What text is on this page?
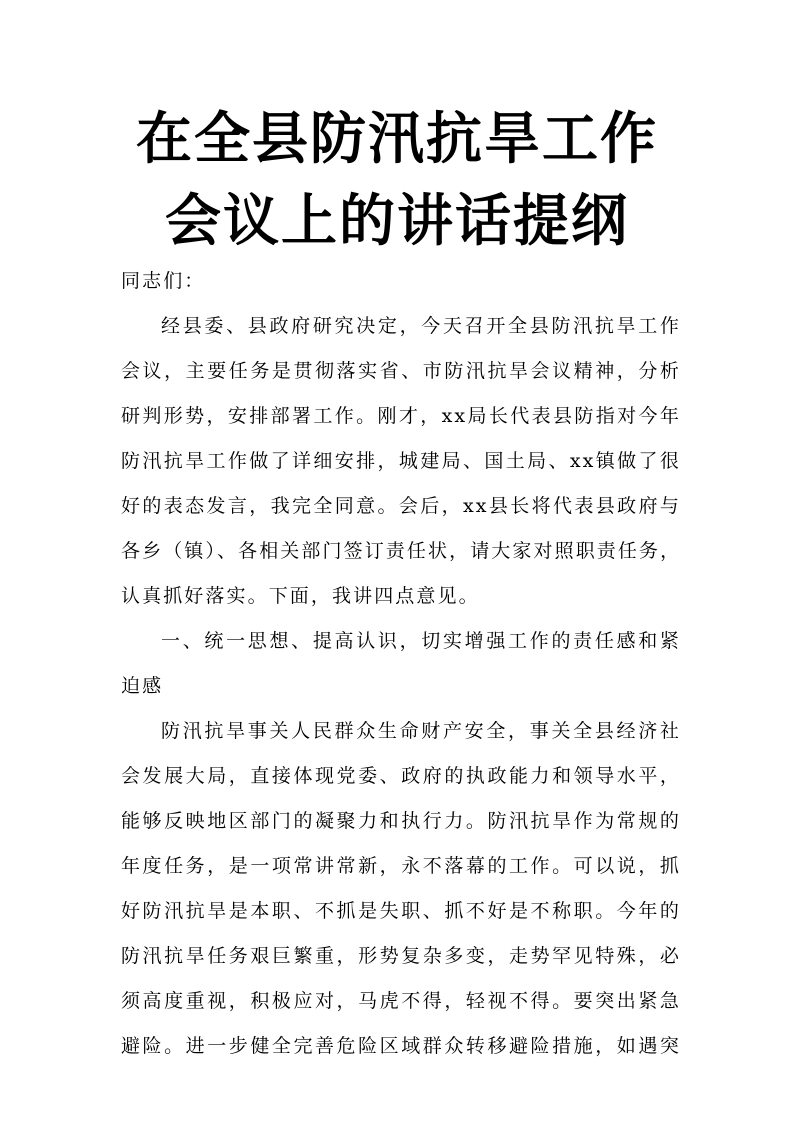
在全县防汛抗旱工作
会议上的讲话提纲
同志们：
经县委、县政府研究决定，今天召开全县防汛抗旱工作
会议，主要任务是贯彻落实省、市防汛抗旱会议精神，分析
研判形势，安排部署工作。刚才，xx局长代表县防指对今年
防汛抗旱工作做了详细安排，城建局、国土局、xx镇做了很
好的表态发言，我完全同意。会后，xx县长将代表县政府与
各乡（镇）、各相关部门签订责任状，请大家对照职责任务，
认真抓好落实。下面，我讲四点意见。
一、统一思想、提高认识，切实增强工作的责任感和紧
迫感
防汛抗旱事关人民群众生命财产安全，事关全县经济社
会发展大局，直接体现党委、政府的执政能力和领导水平，
能够反映地区部门的凝聚力和执行力。防汛抗旱作为常规的
年度任务，是一项常讲常新，永不落幕的工作。可以说，抓
好防汛抗旱是本职、不抓是失职、抓不好是不称职。今年的
防汛抗旱任务艰巨繁重，形势复杂多变，走势罕见特殊，必
须高度重视，积极应对，马虎不得，轻视不得。要突出紧急
避险。进一步健全完善危险区域群众转移避险措施，如遇突
